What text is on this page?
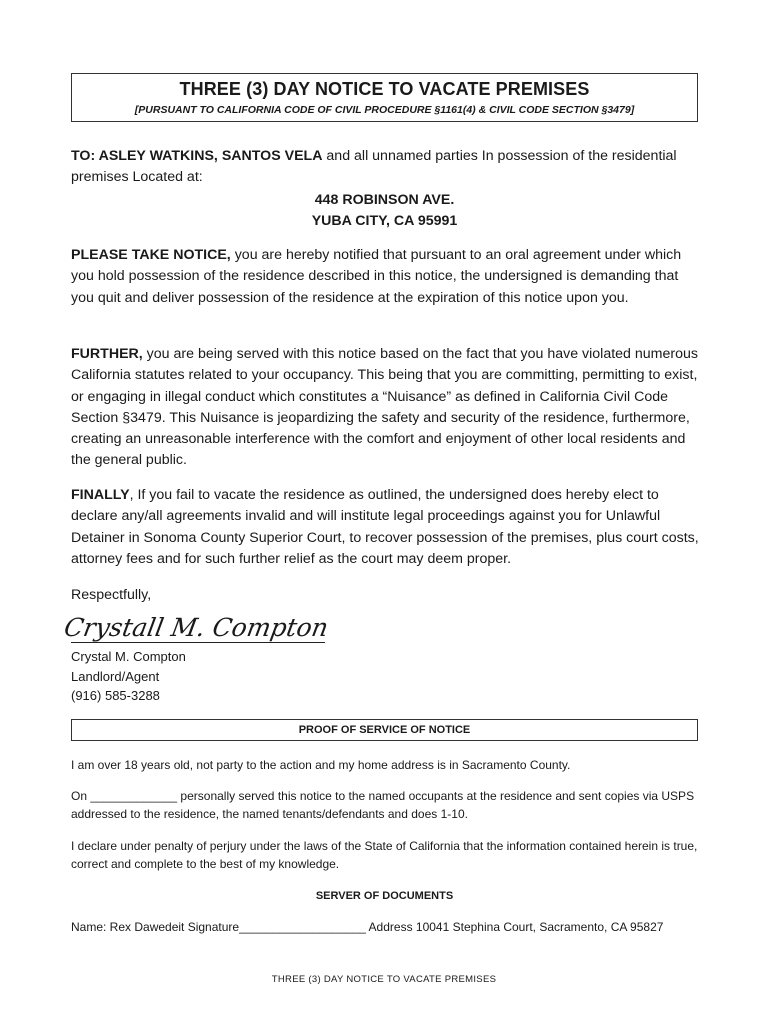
THREE (3) DAY NOTICE TO VACATE PREMISES
[PURSUANT TO CALIFORNIA CODE OF CIVIL PROCEDURE §1161(4) & CIVIL CODE SECTION §3479]
TO: ASLEY WATKINS, SANTOS VELA and all unnamed parties In possession of the residential premises Located at:
448 ROBINSON AVE.
YUBA CITY, CA 95991
PLEASE TAKE NOTICE, you are hereby notified that pursuant to an oral agreement under which you hold possession of the residence described in this notice, the undersigned is demanding that you quit and deliver possession of the residence at the expiration of this notice upon you.
FURTHER, you are being served with this notice based on the fact that you have violated numerous California statutes related to your occupancy. This being that you are committing, permitting to exist, or engaging in illegal conduct which constitutes a “Nuisance” as defined in California Civil Code Section §3479. This Nuisance is jeopardizing the safety and security of the residence, furthermore, creating an unreasonable interference with the comfort and enjoyment of other local residents and the general public.
FINALLY, If you fail to vacate the residence as outlined, the undersigned does hereby elect to declare any/all agreements invalid and will institute legal proceedings against you for Unlawful Detainer in Sonoma County Superior Court, to recover possession of the premises, plus court costs, attorney fees and for such further relief as the court may deem proper.
Respectfully,
Crystall M. Compton
Crystal M. Compton
Landlord/Agent
(916) 585-3288
PROOF OF SERVICE OF NOTICE
I am over 18 years old, not party to the action and my home address is in Sacramento County.
On _____________ personally served this notice to the named occupants at the residence and sent copies via USPS addressed to the residence, the named tenants/defendants and does 1-10.
I declare under penalty of perjury under the laws of the State of California that the information contained herein is true, correct and complete to the best of my knowledge.
SERVER OF DOCUMENTS
Name: Rex Dawedeit Signature___________________ Address 10041 Stephina Court, Sacramento, CA 95827
THREE (3) DAY NOTICE TO VACATE PREMISES
